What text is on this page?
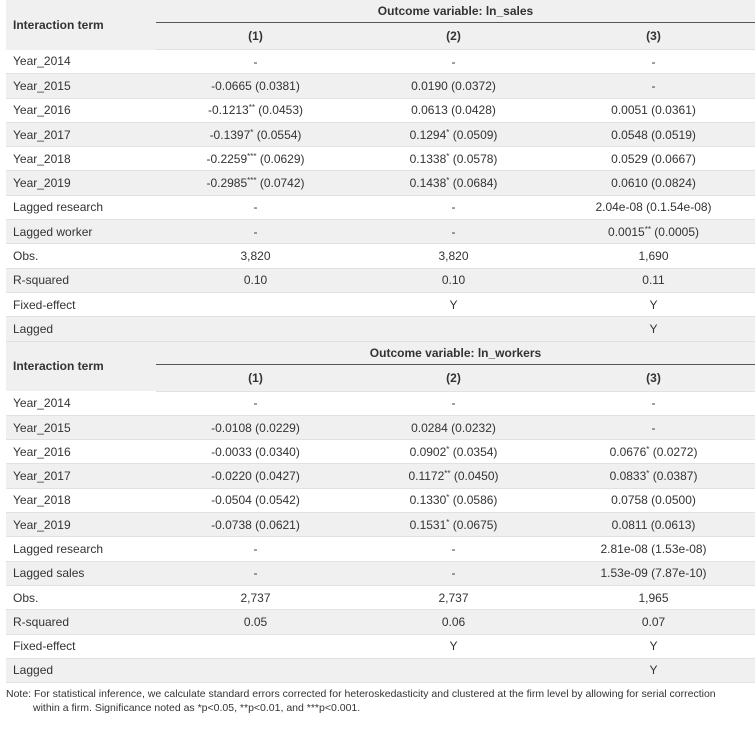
Interaction term	Outcome variable: ln_sales		
	(1)	(2)	(3)
Year_2014	-	-	-
Year_2015	-0.0665 (0.0381)	0.0190 (0.0372)	-
Year_2016	-0.1213** (0.0453)	0.0613 (0.0428)	0.0051 (0.0361)
Year_2017	-0.1397* (0.0554)	0.1294* (0.0509)	0.0548 (0.0519)
Year_2018	-0.2259*** (0.0629)	0.1338* (0.0578)	0.0529 (0.0667)
Year_2019	-0.2985*** (0.0742)	0.1438* (0.0684)	0.0610 (0.0824)
Lagged research	-	-	2.04e-08 (0.1.54e-08)
Lagged worker	-	-	0.0015** (0.0005)
Obs.	3,820	3,820	1,690
R-squared	0.10	0.10	0.11
Fixed-effect		Y	Y
Lagged			Y
Interaction term	Outcome variable: ln_workers		
	(1)	(2)	(3)
Year_2014	-	-	-
Year_2015	-0.0108 (0.0229)	0.0284 (0.0232)	-
Year_2016	-0.0033 (0.0340)	0.0902* (0.0354)	0.0676* (0.0272)
Year_2017	-0.0220 (0.0427)	0.1172** (0.0450)	0.0833* (0.0387)
Year_2018	-0.0504 (0.0542)	0.1330* (0.0586)	0.0758 (0.0500)
Year_2019	-0.0738 (0.0621)	0.1531* (0.0675)	0.0811 (0.0613)
Lagged research	-	-	2.81e-08 (1.53e-08)
Lagged sales	-	-	1.53e-09 (7.87e-10)
Obs.	2,737	2,737	1,965
R-squared	0.05	0.06	0.07
Fixed-effect		Y	Y
Lagged			Y
Note: For statistical inference, we calculate standard errors corrected for heteroskedasticity and clustered at the firm level by allowing for serial correction
within a firm. Significance noted as *p<0.05, **p<0.01, and ***p<0.001.
